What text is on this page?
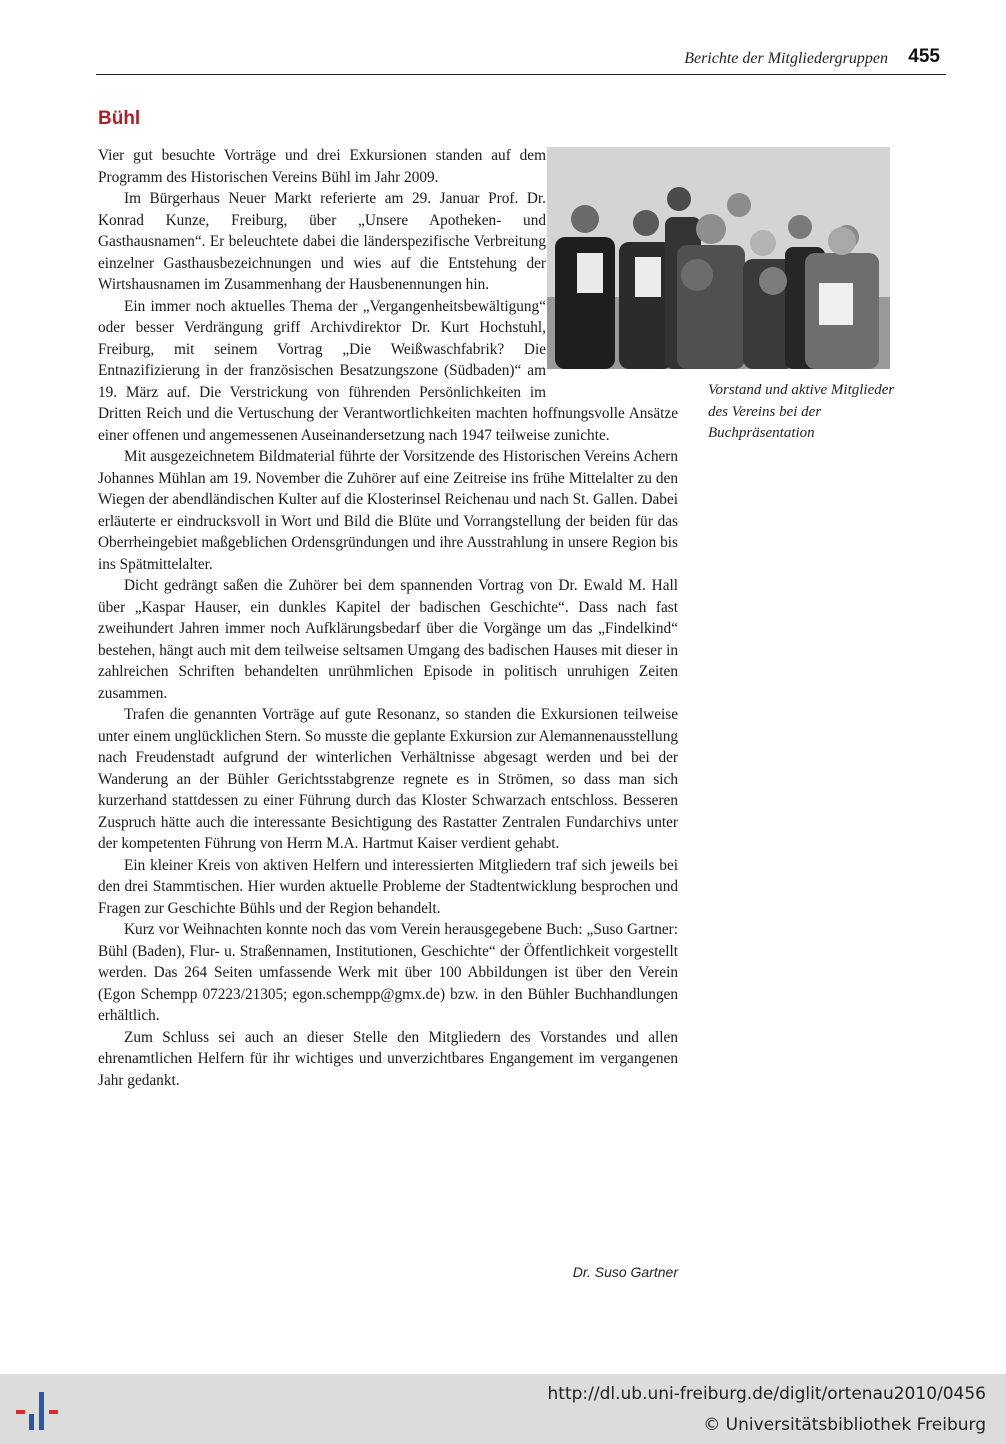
Berichte der Mitgliedergruppen 455
Bühl
Vorstand und aktive Mitglieder des Vereins bei der Buchpräsentation

Vier gut besuchte Vorträge und drei Exkursionen standen auf dem Programm des Historischen Vereins Bühl im Jahr 2009.

Im Bürgerhaus Neuer Markt referierte am 29. Januar Prof. Dr. Konrad Kunze, Freiburg, über „Unsere Apotheken- und Gasthausnamen“. Er beleuchtete dabei die länderspezifische Verbreitung einzelner Gasthausbezeichnungen und wies auf die Entstehung der Wirtshausnamen im Zusammenhang der Hausbenennungen hin.

Ein immer noch aktuelles Thema der „Vergangenheitsbewältigung“ oder besser Verdrängung griff Archivdirektor Dr. Kurt Hochstuhl, Freiburg, mit seinem Vortrag „Die Weißwaschfabrik? Die Entnazifizierung in der französischen Besatzungszone (Südbaden)“ am 19. März auf. Die Verstrickung von führenden Persönlichkeiten im Dritten Reich und die Vertuschung der Verantwortlichkeiten machten hoffnungsvolle Ansätze einer offenen und angemessenen Auseinandersetzung nach 1947 teilweise zunichte.

Mit ausgezeichnetem Bildmaterial führte der Vorsitzende des Historischen Vereins Achern Johannes Mühlan am 19. November die Zuhörer auf eine Zeitreise ins frühe Mittelalter zu den Wiegen der abendländischen Kulter auf die Klosterinsel Reichenau und nach St. Gallen. Dabei erläuterte er eindrucksvoll in Wort und Bild die Blüte und Vorrangstellung der beiden für das Oberrheingebiet maßgeblichen Ordensgründungen und ihre Ausstrahlung in unsere Region bis ins Spätmittelalter.

Dicht gedrängt saßen die Zuhörer bei dem spannenden Vortrag von Dr. Ewald M. Hall über „Kaspar Hauser, ein dunkles Kapitel der badischen Geschichte“. Dass nach fast zweihundert Jahren immer noch Aufklärungsbedarf über die Vorgänge um das „Findelkind“ bestehen, hängt auch mit dem teilweise seltsamen Umgang des badischen Hauses mit dieser in zahlreichen Schriften behandelten unrühmlichen Episode in politisch unruhigen Zeiten zusammen.

Trafen die genannten Vorträge auf gute Resonanz, so standen die Exkursionen teilweise unter einem unglücklichen Stern. So musste die geplante Exkursion zur Alemannenausstellung nach Freudenstadt aufgrund der winterlichen Verhältnisse abgesagt werden und bei der Wanderung an der Bühler Gerichtsstabgrenze regnete es in Strömen, so dass man sich kurzerhand stattdessen zu einer Führung durch das Kloster Schwarzach entschloss. Besseren Zuspruch hätte auch die interessante Besichtigung des Rastatter Zentralen Fundarchivs unter der kompetenten Führung von Herrn M.A. Hartmut Kaiser verdient gehabt.

Ein kleiner Kreis von aktiven Helfern und interessierten Mitgliedern traf sich jeweils bei den drei Stammtischen. Hier wurden aktuelle Probleme der Stadtentwicklung besprochen und Fragen zur Geschichte Bühls und der Region behandelt.

Kurz vor Weihnachten konnte noch das vom Verein herausgegebene Buch: „Suso Gartner: Bühl (Baden), Flur- u. Straßennamen, Institutionen, Geschichte“ der Öffentlichkeit vorgestellt werden. Das 264 Seiten umfassende Werk mit über 100 Abbildungen ist über den Verein (Egon Schempp 07223/21305; egon.schempp@gmx.de) bzw. in den Bühler Buchhandlungen erhältlich.

Zum Schluss sei auch an dieser Stelle den Mitgliedern des Vorstandes und allen ehrenamtlichen Helfern für ihr wichtiges und unverzichtbares Engangement im vergangenen Jahr gedankt.

Dr. Suso Gartner
http://dl.ub.uni-freiburg.de/diglit/ortenau2010/0456
© Universitätsbibliothek Freiburg
